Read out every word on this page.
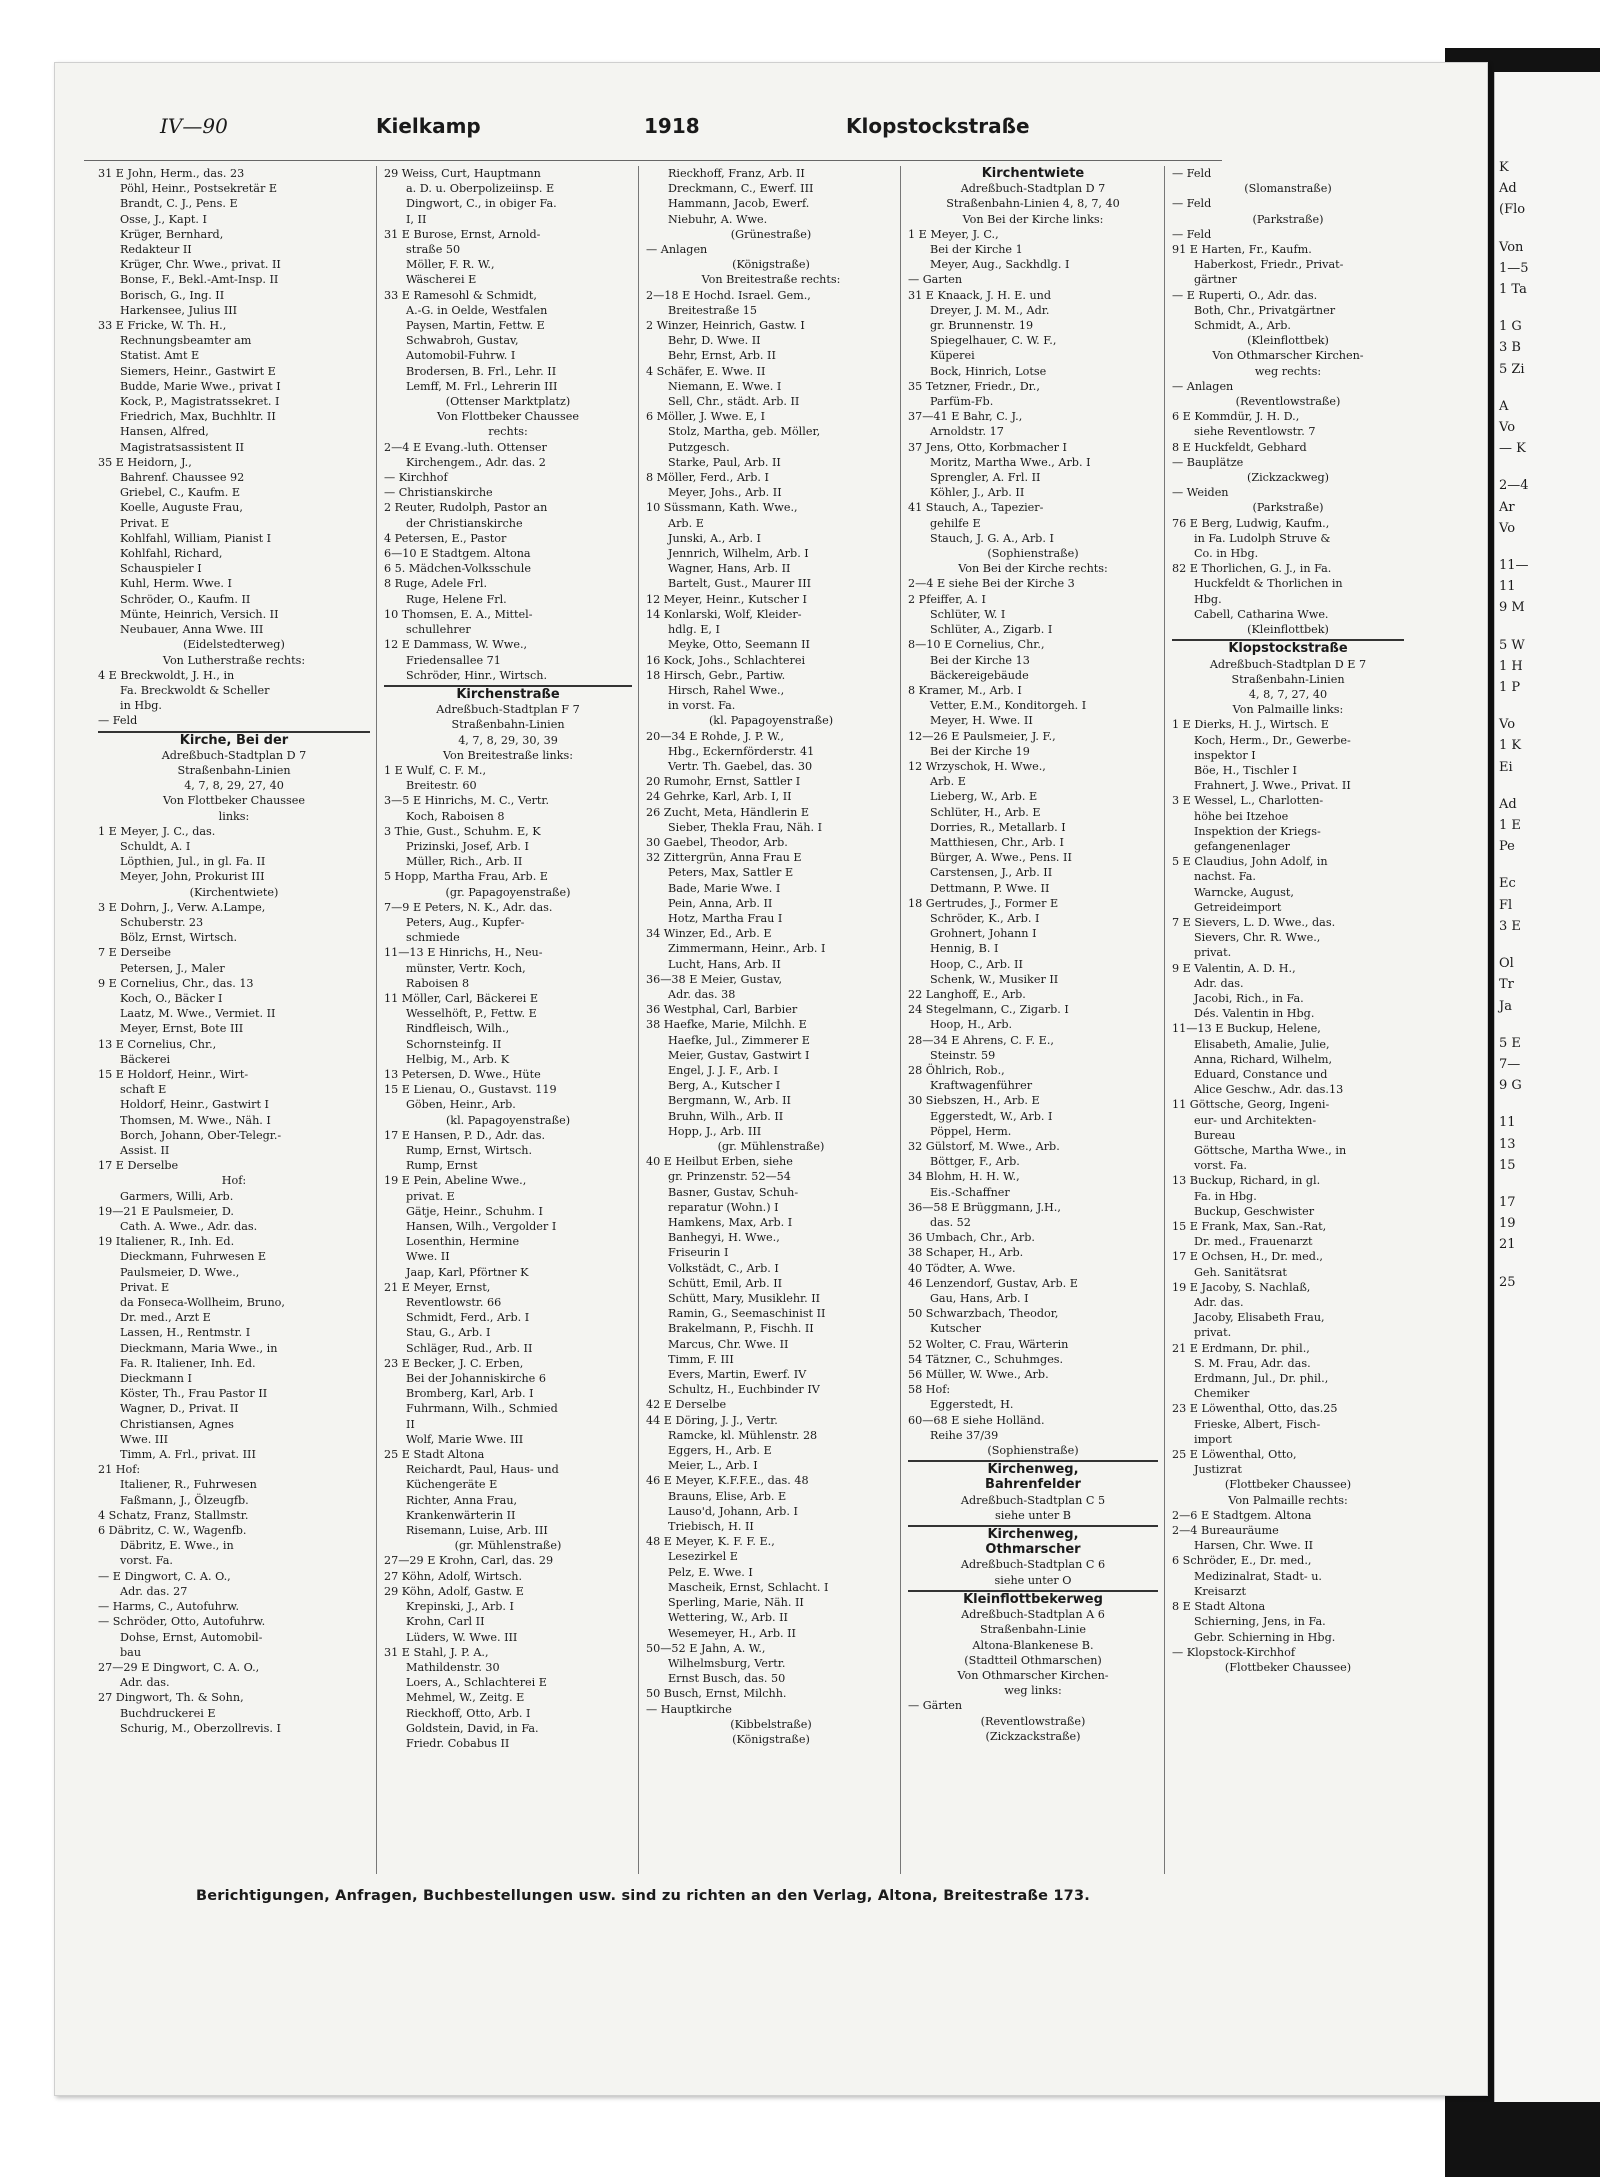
K
Ad
(Flo
Von
1—5
1 Ta
1 G
3 B
5 Zi
A
Vo
— K
2—4
Ar
Vo
11—
11
9 M
5 W
1 H
1 P
Vo
1 K
Ei
Ad
1 E
Pe
Ec
Fl
3 E
Ol
Tr
Ja
5 E
7—
9 G
11
13
15
17
19
21
25
IV—90	Kielkamp	1918	Klopstockstraße
31 E John, Herm., das. 23
Pöhl, Heinr., Postsekretär E
Brandt, C. J., Pens. E
Osse, J., Kapt. I
Krüger, Bernhard,
Redakteur II
Krüger, Chr. Wwe., privat. II
Bonse, F., Bekl.-Amt-Insp. II
Borisch, G., Ing. II
Harkensee, Julius III
33 E Fricke, W. Th. H.,
Rechnungsbeamter am
Statist. Amt E
Siemers, Heinr., Gastwirt E
Budde, Marie Wwe., privat I
Kock, P., Magistratssekret. I
Friedrich, Max, Buchhltr. II
Hansen, Alfred,
Magistratsassistent II
35 E Heidorn, J.,
Bahrenf. Chaussee 92
Griebel, C., Kaufm. E
Koelle, Auguste Frau,
Privat. E
Kohlfahl, William, Pianist I
Kohlfahl, Richard,
Schauspieler I
Kuhl, Herm. Wwe. I
Schröder, O., Kaufm. II
Münte, Heinrich, Versich. II
Neubauer, Anna Wwe. III
(Eidelstedterweg)
Von Lutherstraße rechts:
4 E Breckwoldt, J. H., in
Fa. Breckwoldt & Scheller
in Hbg.
— Feld
Kirche, Bei der
Adreßbuch-Stadtplan D 7
Straßenbahn-Linien
4, 7, 8, 29, 27, 40
Von Flottbeker Chaussee
links:
1 E Meyer, J. C., das.
Schuldt, A. I
Löpthien, Jul., in gl. Fa. II
Meyer, John, Prokurist III
(Kirchentwiete)
3 E Dohrn, J., Verw. A.Lampe,
Schuberstr. 23
Bölz, Ernst, Wirtsch.
7 E Derseibe
Petersen, J., Maler
9 E Cornelius, Chr., das. 13
Koch, O., Bäcker I
Laatz, M. Wwe., Vermiet. II
Meyer, Ernst, Bote III
13 E Cornelius, Chr.,
Bäckerei
15 E Holdorf, Heinr., Wirt-
schaft E
Holdorf, Heinr., Gastwirt I
Thomsen, M. Wwe., Näh. I
Borch, Johann, Ober-Telegr.-
Assist. II
17 E Derselbe
Hof:
Garmers, Willi, Arb.
19—21 E Paulsmeier, D.
Cath. A. Wwe., Adr. das.
19 Italiener, R., Inh. Ed.
Dieckmann, Fuhrwesen E
Paulsmeier, D. Wwe.,
Privat. E
da Fonseca-Wollheim, Bruno,
Dr. med., Arzt E
Lassen, H., Rentmstr. I
Dieckmann, Maria Wwe., in
Fa. R. Italiener, Inh. Ed.
Dieckmann I
Köster, Th., Frau Pastor II
Wagner, D., Privat. II
Christiansen, Agnes
Wwe. III
Timm, A. Frl., privat. III
21 Hof:
Italiener, R., Fuhrwesen
Faßmann, J., Ölzeugfb.
4 Schatz, Franz, Stallmstr.
6 Däbritz, C. W., Wagenfb.
Däbritz, E. Wwe., in
vorst. Fa.
— E Dingwort, C. A. O.,
Adr. das. 27
— Harms, C., Autofuhrw.
— Schröder, Otto, Autofuhrw.
Dohse, Ernst, Automobil-
bau
27—29 E Dingwort, C. A. O.,
Adr. das.
27 Dingwort, Th. & Sohn,
Buchdruckerei E
Schurig, M., Oberzollrevis. I
29 Weiss, Curt, Hauptmann
a. D. u. Oberpolizeiinsp. E
Dingwort, C., in obiger Fa.
I, II
31 E Burose, Ernst, Arnold-
straße 50
Möller, F. R. W.,
Wäscherei E
33 E Ramesohl & Schmidt,
A.-G. in Oelde, Westfalen
Paysen, Martin, Fettw. E
Schwabroh, Gustav,
Automobil-Fuhrw. I
Brodersen, B. Frl., Lehr. II
Lemff, M. Frl., Lehrerin III
(Ottenser Marktplatz)
Von Flottbeker Chaussee
rechts:
2—4 E Evang.-luth. Ottenser
Kirchengem., Adr. das. 2
— Kirchhof
— Christianskirche
2 Reuter, Rudolph, Pastor an
der Christianskirche
4 Petersen, E., Pastor
6—10 E Stadtgem. Altona
6 5. Mädchen-Volksschule
8 Ruge, Adele Frl.
Ruge, Helene Frl.
10 Thomsen, E. A., Mittel-
schullehrer
12 E Dammass, W. Wwe.,
Friedensallee 71
Schröder, Hinr., Wirtsch.
Kirchenstraße
Adreßbuch-Stadtplan F 7
Straßenbahn-Linien
4, 7, 8, 29, 30, 39
Von Breitestraße links:
1 E Wulf, C. F. M.,
Breitestr. 60
3—5 E Hinrichs, M. C., Vertr.
Koch, Raboisen 8
3 Thie, Gust., Schuhm. E, K
Prizinski, Josef, Arb. I
Müller, Rich., Arb. II
5 Hopp, Martha Frau, Arb. E
(gr. Papagoyenstraße)
7—9 E Peters, N. K., Adr. das.
Peters, Aug., Kupfer-
schmiede
11—13 E Hinrichs, H., Neu-
münster, Vertr. Koch,
Raboisen 8
11 Möller, Carl, Bäckerei E
Wesselhöft, P., Fettw. E
Rindfleisch, Wilh.,
Schornsteinfg. II
Helbig, M., Arb. K
13 Petersen, D. Wwe., Hüte
15 E Lienau, O., Gustavst. 119
Göben, Heinr., Arb.
(kl. Papagoyenstraße)
17 E Hansen, P. D., Adr. das.
Rump, Ernst, Wirtsch.
Rump, Ernst
19 E Pein, Abeline Wwe.,
privat. E
Gätje, Heinr., Schuhm. I
Hansen, Wilh., Vergolder I
Losenthin, Hermine
Wwe. II
Jaap, Karl, Pförtner K
21 E Meyer, Ernst,
Reventlowstr. 66
Schmidt, Ferd., Arb. I
Stau, G., Arb. I
Schläger, Rud., Arb. II
23 E Becker, J. C. Erben,
Bei der Johanniskirche 6
Bromberg, Karl, Arb. I
Fuhrmann, Wilh., Schmied
II
Wolf, Marie Wwe. III
25 E Stadt Altona
Reichardt, Paul, Haus- und
Küchengeräte E
Richter, Anna Frau,
Krankenwärterin II
Risemann, Luise, Arb. III
(gr. Mühlenstraße)
27—29 E Krohn, Carl, das. 29
27 Köhn, Adolf, Wirtsch.
29 Köhn, Adolf, Gastw. E
Krepinski, J., Arb. I
Krohn, Carl II
Lüders, W. Wwe. III
31 E Stahl, J. P. A.,
Mathildenstr. 30
Loers, A., Schlachterei E
Mehmel, W., Zeitg. E
Rieckhoff, Otto, Arb. I
Goldstein, David, in Fa.
Friedr. Cobabus II
Rieckhoff, Franz, Arb. II
Dreckmann, C., Ewerf. III
Hammann, Jacob, Ewerf.
Niebuhr, A. Wwe.
(Grünestraße)
— Anlagen
(Königstraße)
Von Breitestraße rechts:
2—18 E Hochd. Israel. Gem.,
Breitestraße 15
2 Winzer, Heinrich, Gastw. I
Behr, D. Wwe. II
Behr, Ernst, Arb. II
4 Schäfer, E. Wwe. II
Niemann, E. Wwe. I
Sell, Chr., städt. Arb. II
6 Möller, J. Wwe. E, I
Stolz, Martha, geb. Möller,
Putzgesch.
Starke, Paul, Arb. II
8 Möller, Ferd., Arb. I
Meyer, Johs., Arb. II
10 Süssmann, Kath. Wwe.,
Arb. E
Junski, A., Arb. I
Jennrich, Wilhelm, Arb. I
Wagner, Hans, Arb. II
Bartelt, Gust., Maurer III
12 Meyer, Heinr., Kutscher I
14 Konlarski, Wolf, Kleider-
hdlg. E, I
Meyke, Otto, Seemann II
16 Kock, Johs., Schlachterei
18 Hirsch, Gebr., Partiw.
Hirsch, Rahel Wwe.,
in vorst. Fa.
(kl. Papagoyenstraße)
20—34 E Rohde, J. P. W.,
Hbg., Eckernförderstr. 41
Vertr. Th. Gaebel, das. 30
20 Rumohr, Ernst, Sattler I
24 Gehrke, Karl, Arb. I, II
26 Zucht, Meta, Händlerin E
Sieber, Thekla Frau, Näh. I
30 Gaebel, Theodor, Arb.
32 Zittergrün, Anna Frau E
Peters, Max, Sattler E
Bade, Marie Wwe. I
Pein, Anna, Arb. II
Hotz, Martha Frau I
34 Winzer, Ed., Arb. E
Zimmermann, Heinr., Arb. I
Lucht, Hans, Arb. II
36—38 E Meier, Gustav,
Adr. das. 38
36 Westphal, Carl, Barbier
38 Haefke, Marie, Milchh. E
Haefke, Jul., Zimmerer E
Meier, Gustav, Gastwirt I
Engel, J. J. F., Arb. I
Berg, A., Kutscher I
Bergmann, W., Arb. II
Bruhn, Wilh., Arb. II
Hopp, J., Arb. III
(gr. Mühlenstraße)
40 E Heilbut Erben, siehe
gr. Prinzenstr. 52—54
Basner, Gustav, Schuh-
reparatur (Wohn.) I
Hamkens, Max, Arb. I
Banhegyi, H. Wwe.,
Friseurin I
Volkstädt, C., Arb. I
Schütt, Emil, Arb. II
Schütt, Mary, Musiklehr. II
Ramin, G., Seemaschinist II
Brakelmann, P., Fischh. II
Marcus, Chr. Wwe. II
Timm, F. III
Evers, Martin, Ewerf. IV
Schultz, H., Euchbinder IV
42 E Derselbe
44 E Döring, J. J., Vertr.
Ramcke, kl. Mühlenstr. 28
Eggers, H., Arb. E
Meier, L., Arb. I
46 E Meyer, K.F.F.E., das. 48
Brauns, Elise, Arb. E
Lauso'd, Johann, Arb. I
Triebisch, H. II
48 E Meyer, K. F. F. E.,
Lesezirkel E
Pelz, E. Wwe. I
Mascheik, Ernst, Schlacht. I
Sperling, Marie, Näh. II
Wettering, W., Arb. II
Wesemeyer, H., Arb. II
50—52 E Jahn, A. W.,
Wilhelmsburg, Vertr.
Ernst Busch, das. 50
50 Busch, Ernst, Milchh.
— Hauptkirche
(Kibbelstraße)
(Königstraße)
Kirchentwiete
Adreßbuch-Stadtplan D 7
Straßenbahn-Linien 4, 8, 7, 40
Von Bei der Kirche links:
1 E Meyer, J. C.,
Bei der Kirche 1
Meyer, Aug., Sackhdlg. I
— Garten
31 E Knaack, J. H. E. und
Dreyer, J. M. M., Adr.
gr. Brunnenstr. 19
Spiegelhauer, C. W. F.,
Küperei
Bock, Hinrich, Lotse
35 Tetzner, Friedr., Dr.,
Parfüm-Fb.
37—41 E Bahr, C. J.,
Arnoldstr. 17
37 Jens, Otto, Korbmacher I
Moritz, Martha Wwe., Arb. I
Sprengler, A. Frl. II
Köhler, J., Arb. II
41 Stauch, A., Tapezier-
gehilfe E
Stauch, J. G. A., Arb. I
(Sophienstraße)
Von Bei der Kirche rechts:
2—4 E siehe Bei der Kirche 3
2 Pfeiffer, A. I
Schlüter, W. I
Schlüter, A., Zigarb. I
8—10 E Cornelius, Chr.,
Bei der Kirche 13
Bäckereigebäude
8 Kramer, M., Arb. I
Vetter, E.M., Konditorgeh. I
Meyer, H. Wwe. II
12—26 E Paulsmeier, J. F.,
Bei der Kirche 19
12 Wrzyschok, H. Wwe.,
Arb. E
Lieberg, W., Arb. E
Schlüter, H., Arb. E
Dorries, R., Metallarb. I
Matthiesen, Chr., Arb. I
Bürger, A. Wwe., Pens. II
Carstensen, J., Arb. II
Dettmann, P. Wwe. II
18 Gertrudes, J., Former E
Schröder, K., Arb. I
Grohnert, Johann I
Hennig, B. I
Hoop, C., Arb. II
Schenk, W., Musiker II
22 Langhoff, E., Arb.
24 Stegelmann, C., Zigarb. I
Hoop, H., Arb.
28—34 E Ahrens, C. F. E.,
Steinstr. 59
28 Öhlrich, Rob.,
Kraftwagenführer
30 Siebszen, H., Arb. E
Eggerstedt, W., Arb. I
Pöppel, Herm.
32 Gülstorf, M. Wwe., Arb.
Böttger, F., Arb.
34 Blohm, H. H. W.,
Eis.-Schaffner
36—58 E Brüggmann, J.H.,
das. 52
36 Umbach, Chr., Arb.
38 Schaper, H., Arb.
40 Tödter, A. Wwe.
46 Lenzendorf, Gustav, Arb. E
Gau, Hans, Arb. I
50 Schwarzbach, Theodor,
Kutscher
52 Wolter, C. Frau, Wärterin
54 Tätzner, C., Schuhmges.
56 Müller, W. Wwe., Arb.
58 Hof:
Eggerstedt, H.
60—68 E siehe Holländ.
Reihe 37/39
(Sophienstraße)
Kirchenweg,
Bahrenfelder
Adreßbuch-Stadtplan C 5
siehe unter B
Kirchenweg,
Othmarscher
Adreßbuch-Stadtplan C 6
siehe unter O
Kleinflottbekerweg
Adreßbuch-Stadtplan A 6
Straßenbahn-Linie
Altona-Blankenese B.
(Stadtteil Othmarschen)
Von Othmarscher Kirchen-
weg links:
— Gärten
(Reventlowstraße)
(Zickzackstraße)
— Feld
(Slomanstraße)
— Feld
(Parkstraße)
— Feld
91 E Harten, Fr., Kaufm.
Haberkost, Friedr., Privat-
gärtner
— E Ruperti, O., Adr. das.
Both, Chr., Privatgärtner
Schmidt, A., Arb.
(Kleinflottbek)
Von Othmarscher Kirchen-
weg rechts:
— Anlagen
(Reventlowstraße)
6 E Kommdür, J. H. D.,
siehe Reventlowstr. 7
8 E Huckfeldt, Gebhard
— Bauplätze
(Zickzackweg)
— Weiden
(Parkstraße)
76 E Berg, Ludwig, Kaufm.,
in Fa. Ludolph Struve &
Co. in Hbg.
82 E Thorlichen, G. J., in Fa.
Huckfeldt & Thorlichen in
Hbg.
Cabell, Catharina Wwe.
(Kleinflottbek)
Klopstockstraße
Adreßbuch-Stadtplan D E 7
Straßenbahn-Linien
4, 8, 7, 27, 40
Von Palmaille links:
1 E Dierks, H. J., Wirtsch. E
Koch, Herm., Dr., Gewerbe-
inspektor I
Böe, H., Tischler I
Frahnert, J. Wwe., Privat. II
3 E Wessel, L., Charlotten-
höhe bei Itzehoe
Inspektion der Kriegs-
gefangenenlager
5 E Claudius, John Adolf, in
nachst. Fa.
Warncke, August,
Getreideimport
7 E Sievers, L. D. Wwe., das.
Sievers, Chr. R. Wwe.,
privat.
9 E Valentin, A. D. H.,
Adr. das.
Jacobi, Rich., in Fa.
Dés. Valentin in Hbg.
11—13 E Buckup, Helene,
Elisabeth, Amalie, Julie,
Anna, Richard, Wilhelm,
Eduard, Constance und
Alice Geschw., Adr. das.13
11 Göttsche, Georg, Ingeni-
eur- und Architekten-
Bureau
Göttsche, Martha Wwe., in
vorst. Fa.
13 Buckup, Richard, in gl.
Fa. in Hbg.
Buckup, Geschwister
15 E Frank, Max, San.-Rat,
Dr. med., Frauenarzt
17 E Ochsen, H., Dr. med.,
Geh. Sanitätsrat
19 E Jacoby, S. Nachlaß,
Adr. das.
Jacoby, Elisabeth Frau,
privat.
21 E Erdmann, Dr. phil.,
S. M. Frau, Adr. das.
Erdmann, Jul., Dr. phil.,
Chemiker
23 E Löwenthal, Otto, das.25
Frieske, Albert, Fisch-
import
25 E Löwenthal, Otto,
Justizrat
(Flottbeker Chaussee)
Von Palmaille rechts:
2—6 E Stadtgem. Altona
2—4 Bureauräume
Harsen, Chr. Wwe. II
6 Schröder, E., Dr. med.,
Medizinalrat, Stadt- u.
Kreisarzt
8 E Stadt Altona
Schierning, Jens, in Fa.
Gebr. Schierning in Hbg.
— Klopstock-Kirchhof
(Flottbeker Chaussee)
Berichtigungen, Anfragen, Buchbestellungen usw. sind zu richten an den Verlag, Altona, Breitestraße 173.
